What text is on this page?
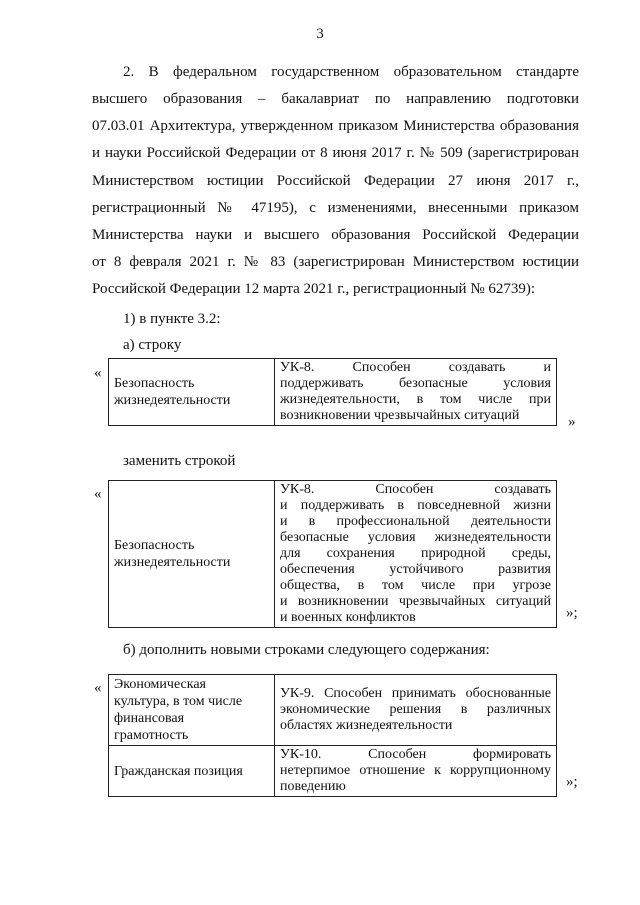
3
2. В федеральном государственном образовательном стандарте
высшего образования – бакалавриат по направлению подготовки
07.03.01 Архитектура, утвержденном приказом Министерства образования
и науки Российской Федерации от 8 июня 2017 г. № 509 (зарегистрирован
Министерством юстиции Российской Федерации 27 июня 2017 г.,
регистрационный № 47195), с изменениями, внесенными приказом
Министерства науки и высшего образования Российской Федерации
от 8 февраля 2021 г. № 83 (зарегистрирован Министерством юстиции
Российской Федерации 12 марта 2021 г., регистрационный № 62739):
1) в пункте 3.2:
а) строку
«
Безопасность
жизнедеятельности

УК-8. Способен создавать и
поддерживать безопасные условия
жизнедеятельности, в том числе при
возникновении чрезвычайных ситуаций	»
заменить строкой
«
Безопасность
жизнедеятельности

УК-8. Способен создавать
и поддерживать в повседневной жизни
и в профессиональной деятельности
безопасные условия жизнедеятельности
для сохранения природной среды,
обеспечения устойчивого развития
общества, в том числе при угрозе
и возникновении чрезвычайных ситуаций
и военных конфликтов	»;
б) дополнить новыми строками следующего содержания:
« Экономическая
культура, в том числе
финансовая
грамотность	УК-9. Способен принимать обоснованные
экономические решения в различных
областях жизнедеятельности

Гражданская позиция	УК-10. Способен формировать
нетерпимое отношение к коррупционному
поведению	»;
